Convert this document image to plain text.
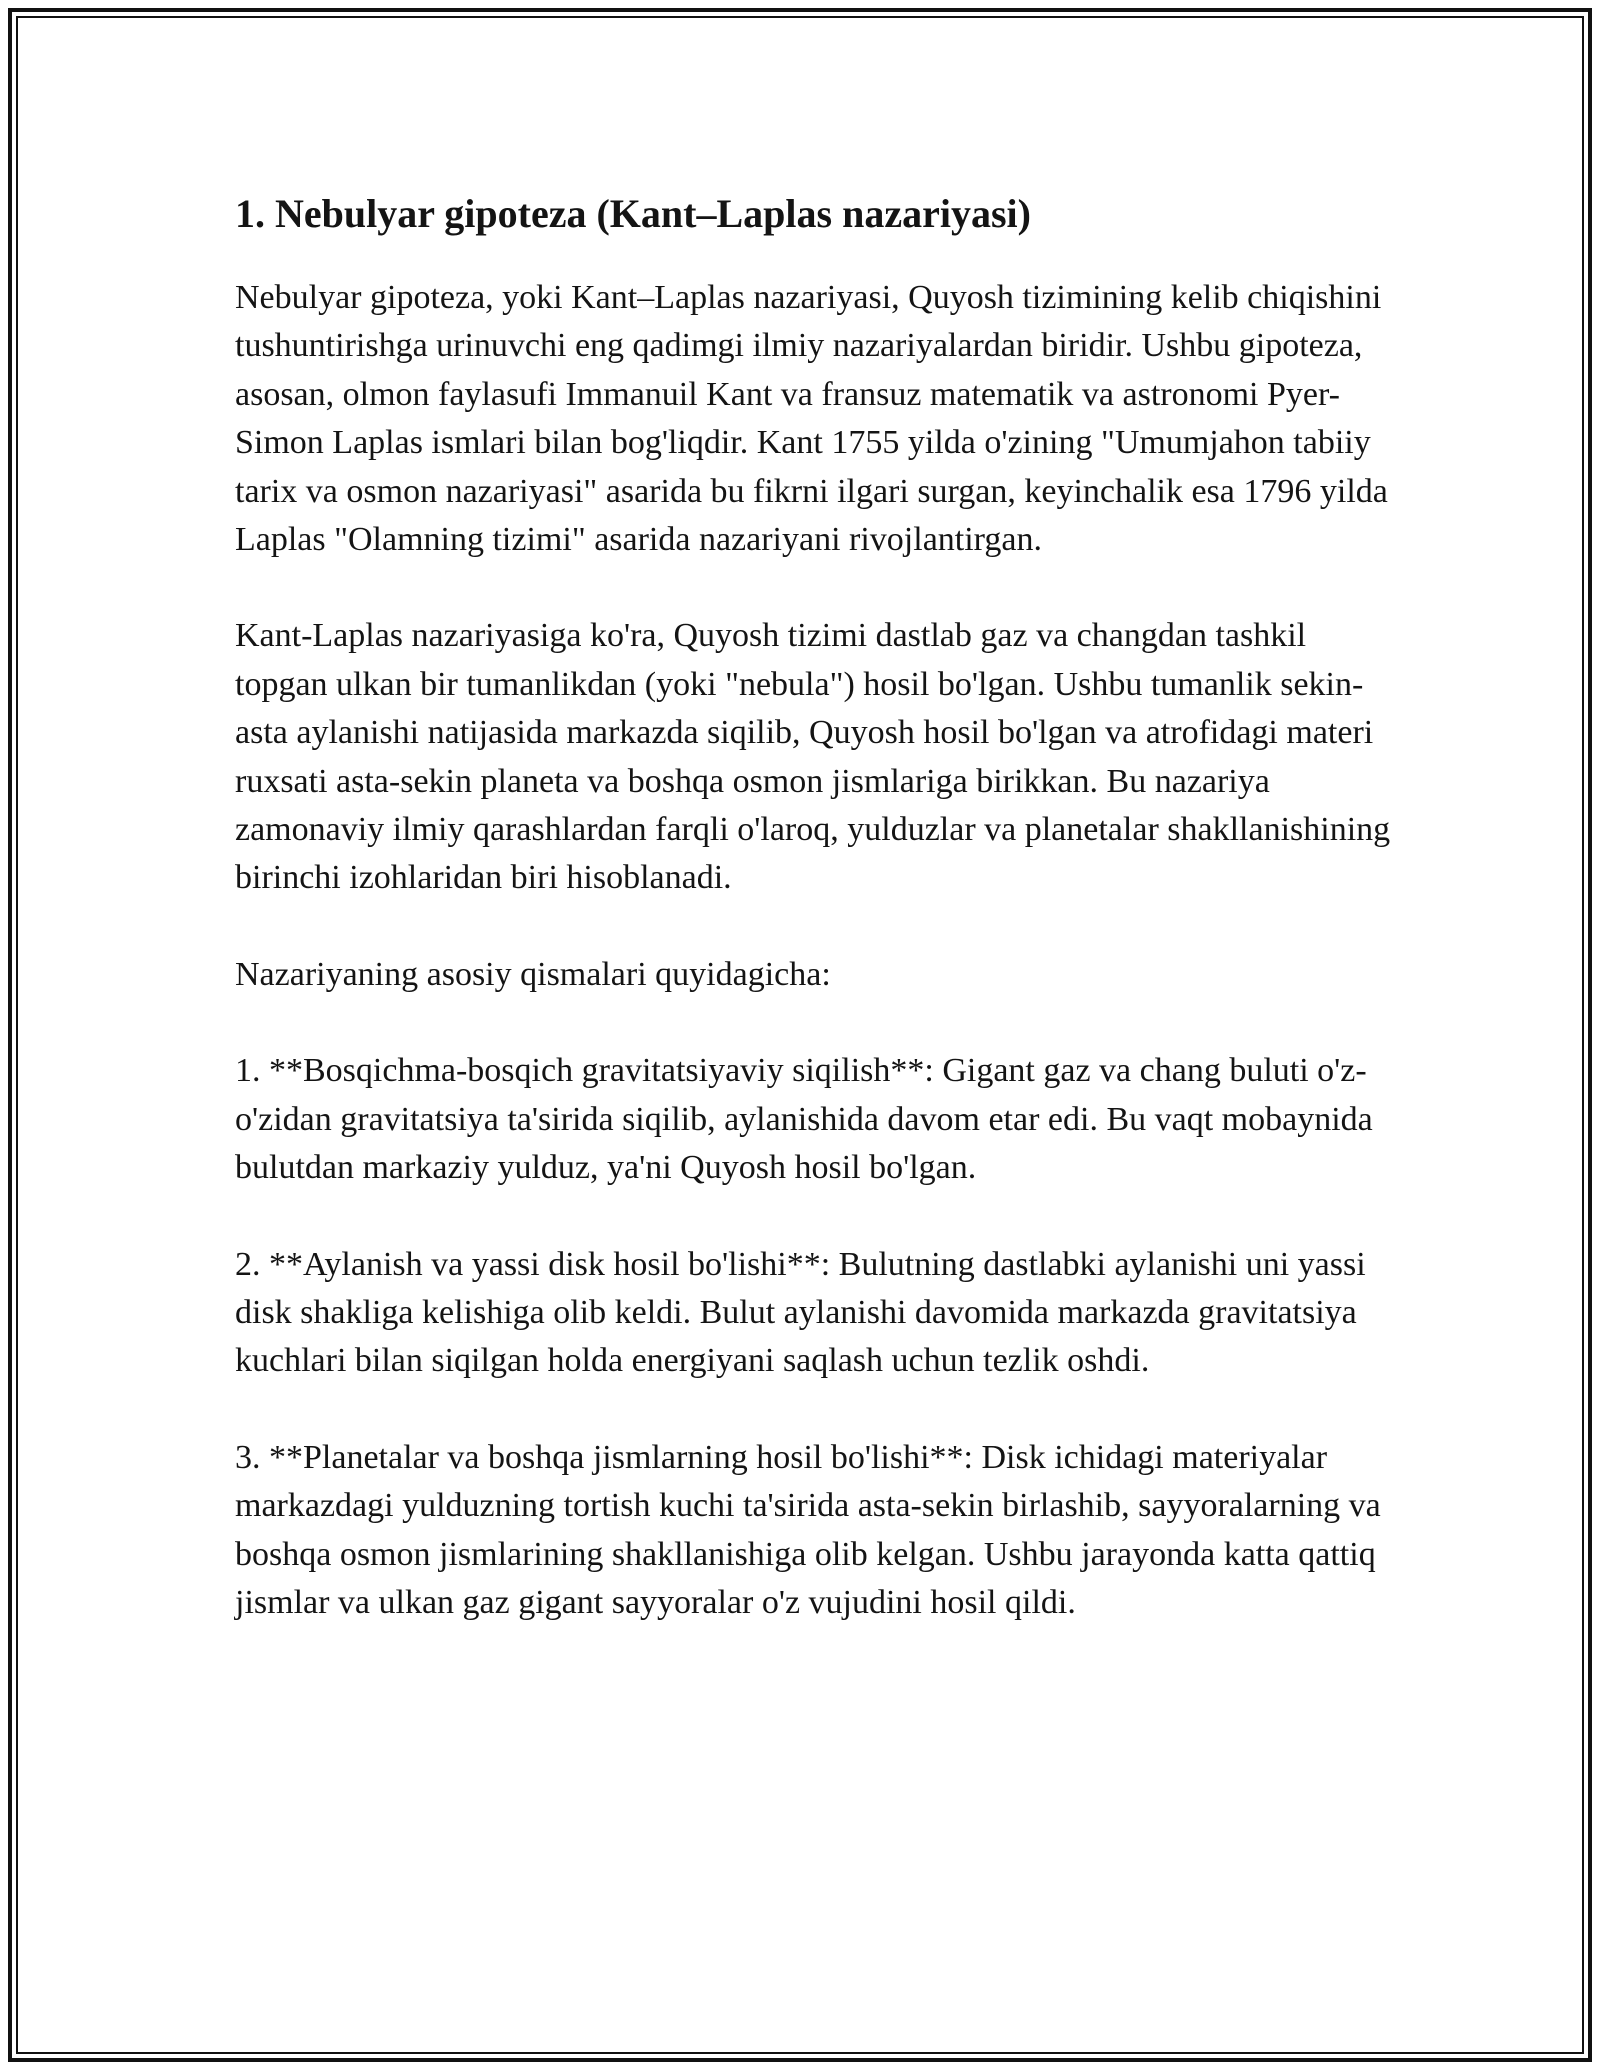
1. Nebulyar gipoteza (Kant–Laplas nazariyasi)

Nebulyar gipoteza, yoki Kant–Laplas nazariyasi, Quyosh tizimining kelib chiqishini tushuntirishga urinuvchi eng qadimgi ilmiy nazariyalardan biridir. Ushbu gipoteza, asosan, olmon faylasufi Immanuil Kant va fransuz matematik va astronomi Pyer-Simon Laplas ismlari bilan bog'liqdir. Kant 1755 yilda o'zining "Umumjahon tabiiy tarix va osmon nazariyasi" asarida bu fikrni ilgari surgan, keyinchalik esa 1796 yilda Laplas "Olamning tizimi" asarida nazariyani rivojlantirgan.

Kant-Laplas nazariyasiga ko'ra, Quyosh tizimi dastlab gaz va changdan tashkil topgan ulkan bir tumanlikdan (yoki "nebula") hosil bo'lgan. Ushbu tumanlik sekin-asta aylanishi natijasida markazda siqilib, Quyosh hosil bo'lgan va atrofidagi materi ruxsati asta-sekin planeta va boshqa osmon jismlariga birikkan. Bu nazariya zamonaviy ilmiy qarashlardan farqli o'laroq, yulduzlar va planetalar shakllanishining birinchi izohlaridan biri hisoblanadi.

Nazariyaning asosiy qismalari quyidagicha:

1. **Bosqichma-bosqich gravitatsiyaviy siqilish**: Gigant gaz va chang buluti o'z-o'zidan gravitatsiya ta'sirida siqilib, aylanishida davom etar edi. Bu vaqt mobaynida bulutdan markaziy yulduz, ya'ni Quyosh hosil bo'lgan.

2. **Aylanish va yassi disk hosil bo'lishi**: Bulutning dastlabki aylanishi uni yassi disk shakliga kelishiga olib keldi. Bulut aylanishi davomida markazda gravitatsiya kuchlari bilan siqilgan holda energiyani saqlash uchun tezlik oshdi.

3. **Planetalar va boshqa jismlarning hosil bo'lishi**: Disk ichidagi materiyalar markazdagi yulduzning tortish kuchi ta'sirida asta-sekin birlashib, sayyoralarning va boshqa osmon jismlarining shakllanishiga olib kelgan. Ushbu jarayonda katta qattiq jismlar va ulkan gaz gigant sayyoralar o'z vujudini hosil qildi.
